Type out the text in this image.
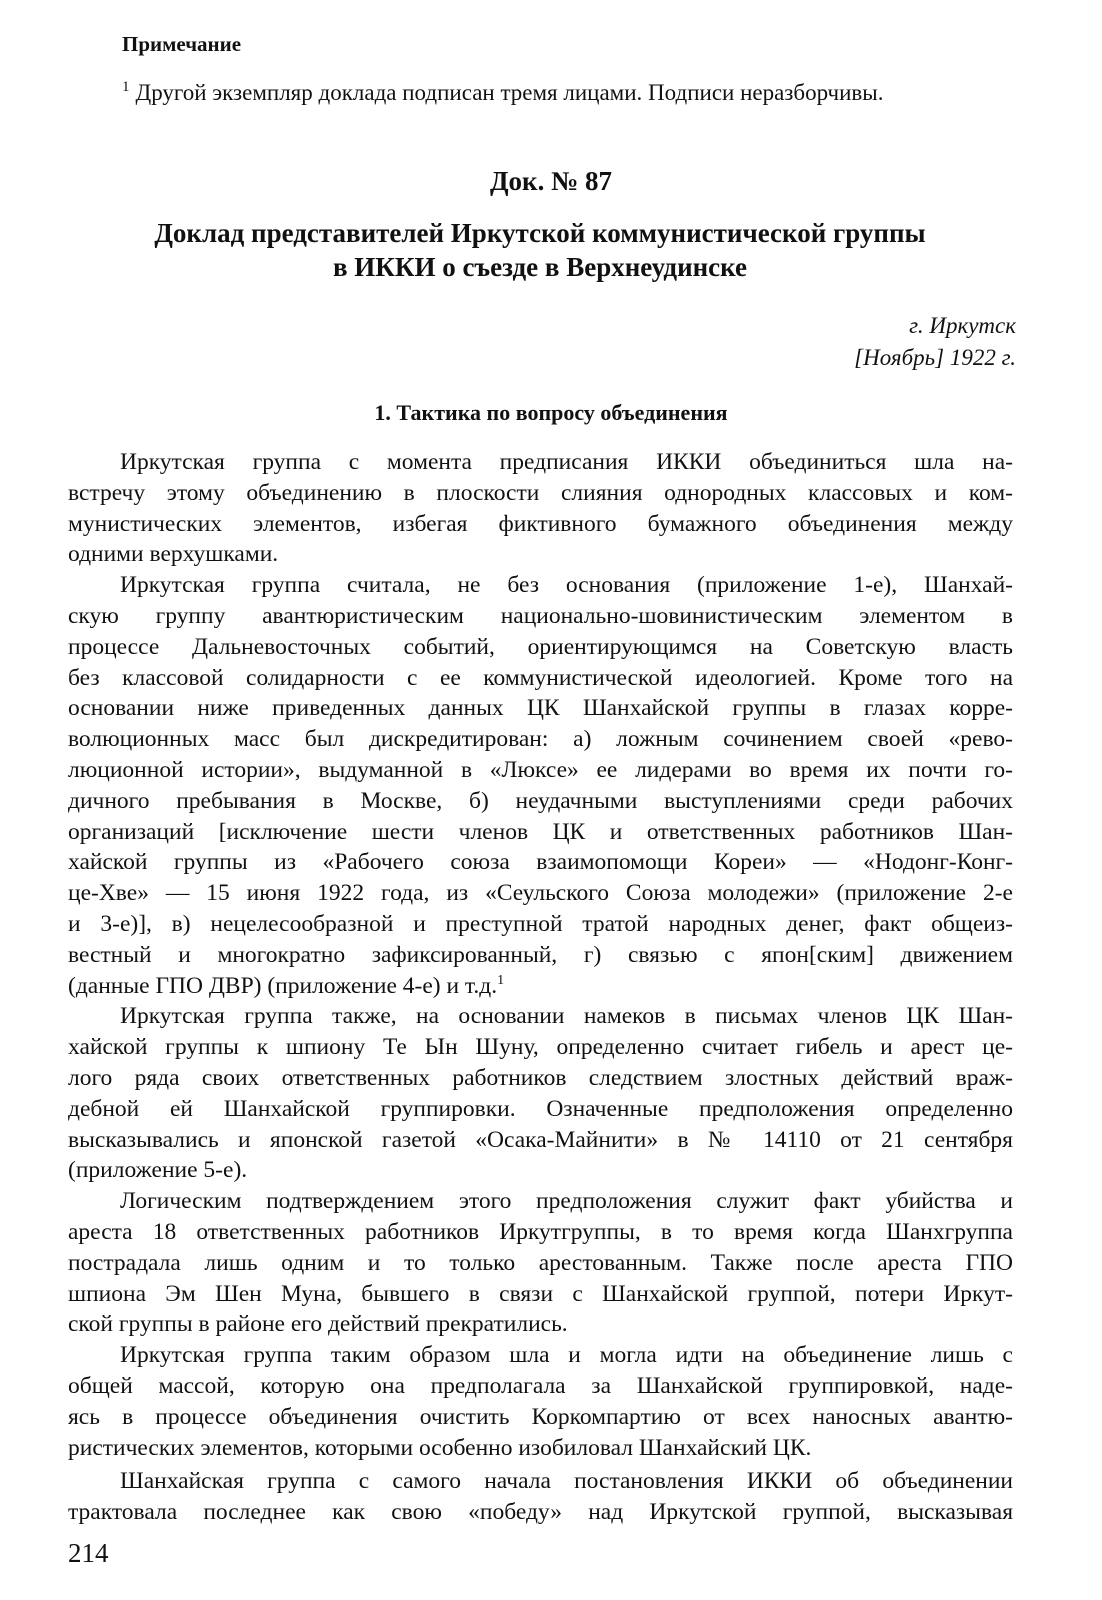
Примечание
$^1$ Другой экземпляр доклада подписан тремя лицами. Подписи неразборчивы.
Док. № 87
Доклад представителей Иркутской коммунистической группы
в ИККИ о съезде в Верхнеудинске
г. Иркутск
[Ноябрь] 1922 г.
1. Тактика по вопросу объединения
Иркутская группа с момента предписания ИККИ объединиться шла на-
встречу этому объединению в плоскости слияния однородных классовых и ком-
мунистических элементов, избегая фиктивного бумажного объединения между
одними верхушками.
Иркутская группа считала, не без основания (приложение 1-е), Шанхай-
скую группу авантюристическим национально-шовинистическим элементом в
процессе Дальневосточных событий, ориентирующимся на Советскую власть
без классовой солидарности с ее коммунистической идеологией. Кроме того на
основании ниже приведенных данных ЦК Шанхайской группы в глазах корре-
волюционных масс был дискредитирован: а) ложным сочинением своей «рево-
люционной истории», выдуманной в «Люксе» ее лидерами во время их почти го-
дичного пребывания в Москве, б) неудачными выступлениями среди рабочих
организаций [исключение шести членов ЦК и ответственных работников Шан-
хайской группы из «Рабочего союза взаимопомощи Кореи» — «Нодонг-Конг-
це-Хве» — 15 июня 1922 года, из «Сеульского Союза молодежи» (приложение 2-е
и 3-е)], в) нецелесообразной и преступной тратой народных денег, факт общеиз-
вестный и многократно зафиксированный, г) связью с япон[ским] движением
(данные ГПО ДВР) (приложение 4-е) и т.д.$^1$
Иркутская группа также, на основании намеков в письмах членов ЦК Шан-
хайской группы к шпиону Те Ын Шуну, определенно считает гибель и арест це-
лого ряда своих ответственных работников следствием злостных действий враж-
дебной ей Шанхайской группировки. Означенные предположения определенно
высказывались и японской газетой «Осака-Майнити» в № 14110 от 21 сентября
(приложение 5-е).
Логическим подтверждением этого предположения служит факт убийства и
ареста 18 ответственных работников Иркутгруппы, в то время когда Шанхгруппа
пострадала лишь одним и то только арестованным. Также после ареста ГПО
шпиона Эм Шен Муна, бывшего в связи с Шанхайской группой, потери Иркут-
ской группы в районе его действий прекратились.
Иркутская группа таким образом шла и могла идти на объединение лишь с
общей массой, которую она предполагала за Шанхайской группировкой, наде-
ясь в процессе объединения очистить Коркомпартию от всех наносных авантю-
ристических элементов, которыми особенно изобиловал Шанхайский ЦК.
Шанхайская группа с самого начала постановления ИККИ об объединении
трактовала последнее как свою «победу» над Иркутской группой, высказывая
214
